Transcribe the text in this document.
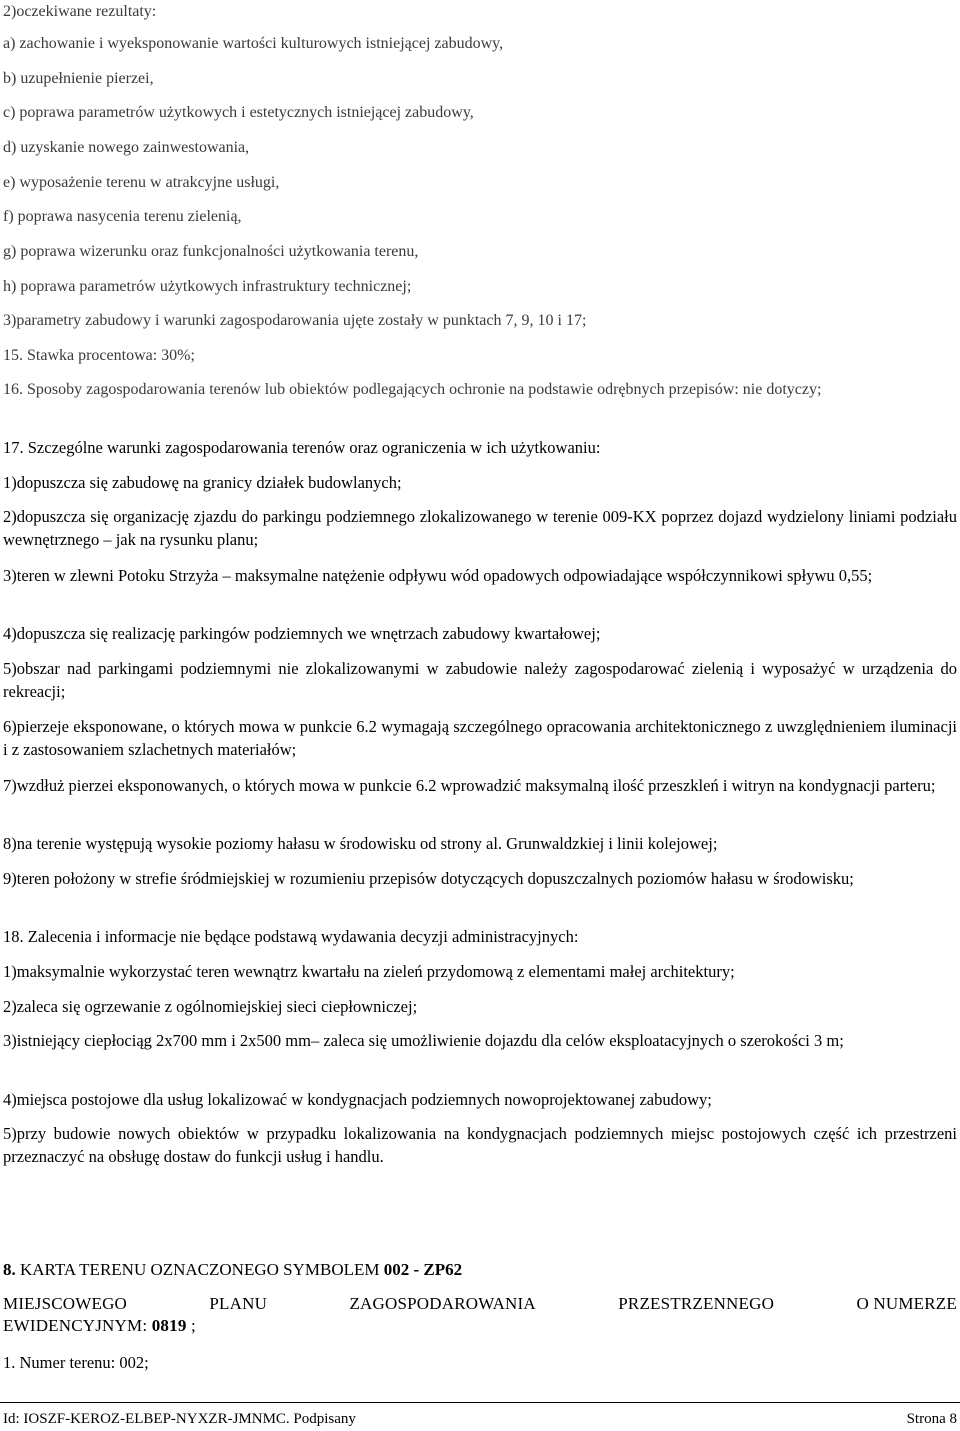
2)oczekiwane rezultaty:
a) zachowanie i wyeksponowanie wartości kulturowych istniejącej zabudowy,
b) uzupełnienie pierzei,
c) poprawa parametrów użytkowych i estetycznych istniejącej zabudowy,
d) uzyskanie nowego zainwestowania,
e) wyposażenie terenu w atrakcyjne usługi,
f) poprawa nasycenia terenu zielenią,
g) poprawa wizerunku oraz funkcjonalności użytkowania terenu,
h) poprawa parametrów użytkowych infrastruktury technicznej;
3)parametry zabudowy i warunki zagospodarowania ujęte zostały w punktach 7, 9, 10 i 17;
15. Stawka procentowa: 30%;
16. Sposoby zagospodarowania terenów lub obiektów podlegających ochronie na podstawie odrębnych przepisów: nie dotyczy;
17. Szczególne warunki zagospodarowania terenów oraz ograniczenia w ich użytkowaniu:
1)dopuszcza się zabudowę na granicy działek budowlanych;
2)dopuszcza się organizację zjazdu do parkingu podziemnego zlokalizowanego w terenie 009-KX poprzez dojazd wydzielony liniami podziału wewnętrznego – jak na rysunku planu;
3)teren w zlewni Potoku Strzyża – maksymalne natężenie odpływu wód opadowych odpowiadające współczynnikowi spływu 0,55;
4)dopuszcza się realizację parkingów podziemnych we wnętrzach zabudowy kwartałowej;
5)obszar nad parkingami podziemnymi nie zlokalizowanymi w zabudowie należy zagospodarować zielenią i wyposażyć w urządzenia do rekreacji;
6)pierzeje eksponowane, o których mowa w punkcie 6.2 wymagają szczególnego opracowania architektonicznego z uwzględnieniem iluminacji i z zastosowaniem szlachetnych materiałów;
7)wzdłuż pierzei eksponowanych, o których mowa w punkcie 6.2 wprowadzić maksymalną ilość przeszkleń i witryn na kondygnacji parteru;
8)na terenie występują wysokie poziomy hałasu w środowisku od strony al. Grunwaldzkiej i linii kolejowej;
9)teren położony w strefie śródmiejskiej w rozumieniu przepisów dotyczących dopuszczalnych poziomów hałasu w środowisku;
18. Zalecenia i informacje nie będące podstawą wydawania decyzji administracyjnych:
1)maksymalnie wykorzystać teren wewnątrz kwartału na zieleń przydomową z elementami małej architektury;
2)zaleca się ogrzewanie z ogólnomiejskiej sieci ciepłowniczej;
3)istniejący ciepłociąg 2x700 mm i 2x500 mm– zaleca się umożliwienie dojazdu dla celów eksploatacyjnych o szerokości 3 m;
4)miejsca postojowe dla usług lokalizować w kondygnacjach podziemnych nowoprojektowanej zabudowy;
5)przy budowie nowych obiektów w przypadku lokalizowania na kondygnacjach podziemnych miejsc postojowych część ich przestrzeni przeznaczyć na obsługę dostaw do funkcji usług i handlu.
8. KARTA TERENU OZNACZONEGO SYMBOLEM 002 - ZP62
MIEJSCOWEGO	PLANU	ZAGOSPODAROWANIA	PRZESTRZENNEGO	O NUMERZE
EWIDENCYJNYM: 0819 ;
1. Numer terenu: 002;
Id: IOSZF-KEROZ-ELBEP-NYXZR-JMNMC. Podpisany	Strona 8
